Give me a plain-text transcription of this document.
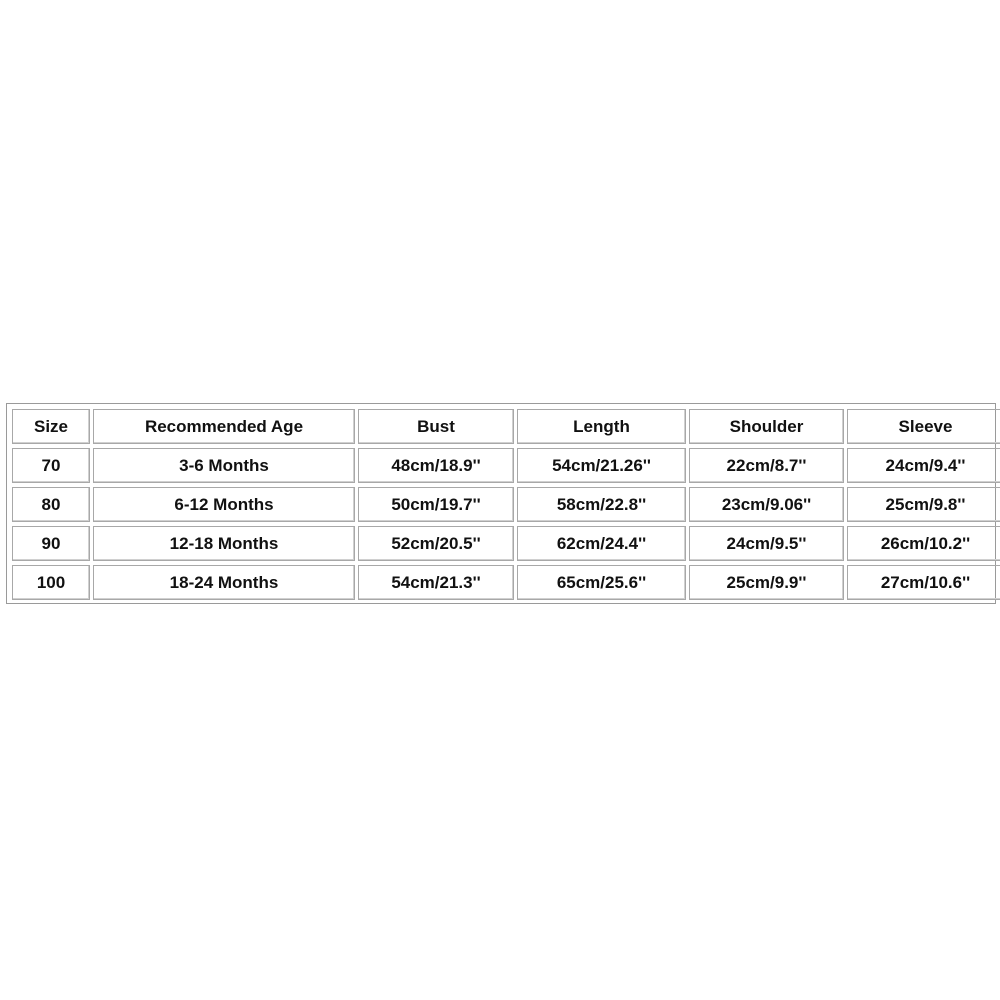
Size	Recommended Age	Bust	Length	Shoulder	Sleeve
70	3-6 Months	48cm/18.9''	54cm/21.26''	22cm/8.7''	24cm/9.4''
80	6-12 Months	50cm/19.7''	58cm/22.8''	23cm/9.06''	25cm/9.8''
90	12-18 Months	52cm/20.5''	62cm/24.4''	24cm/9.5''	26cm/10.2''
100	18-24 Months	54cm/21.3''	65cm/25.6''	25cm/9.9''	27cm/10.6''
